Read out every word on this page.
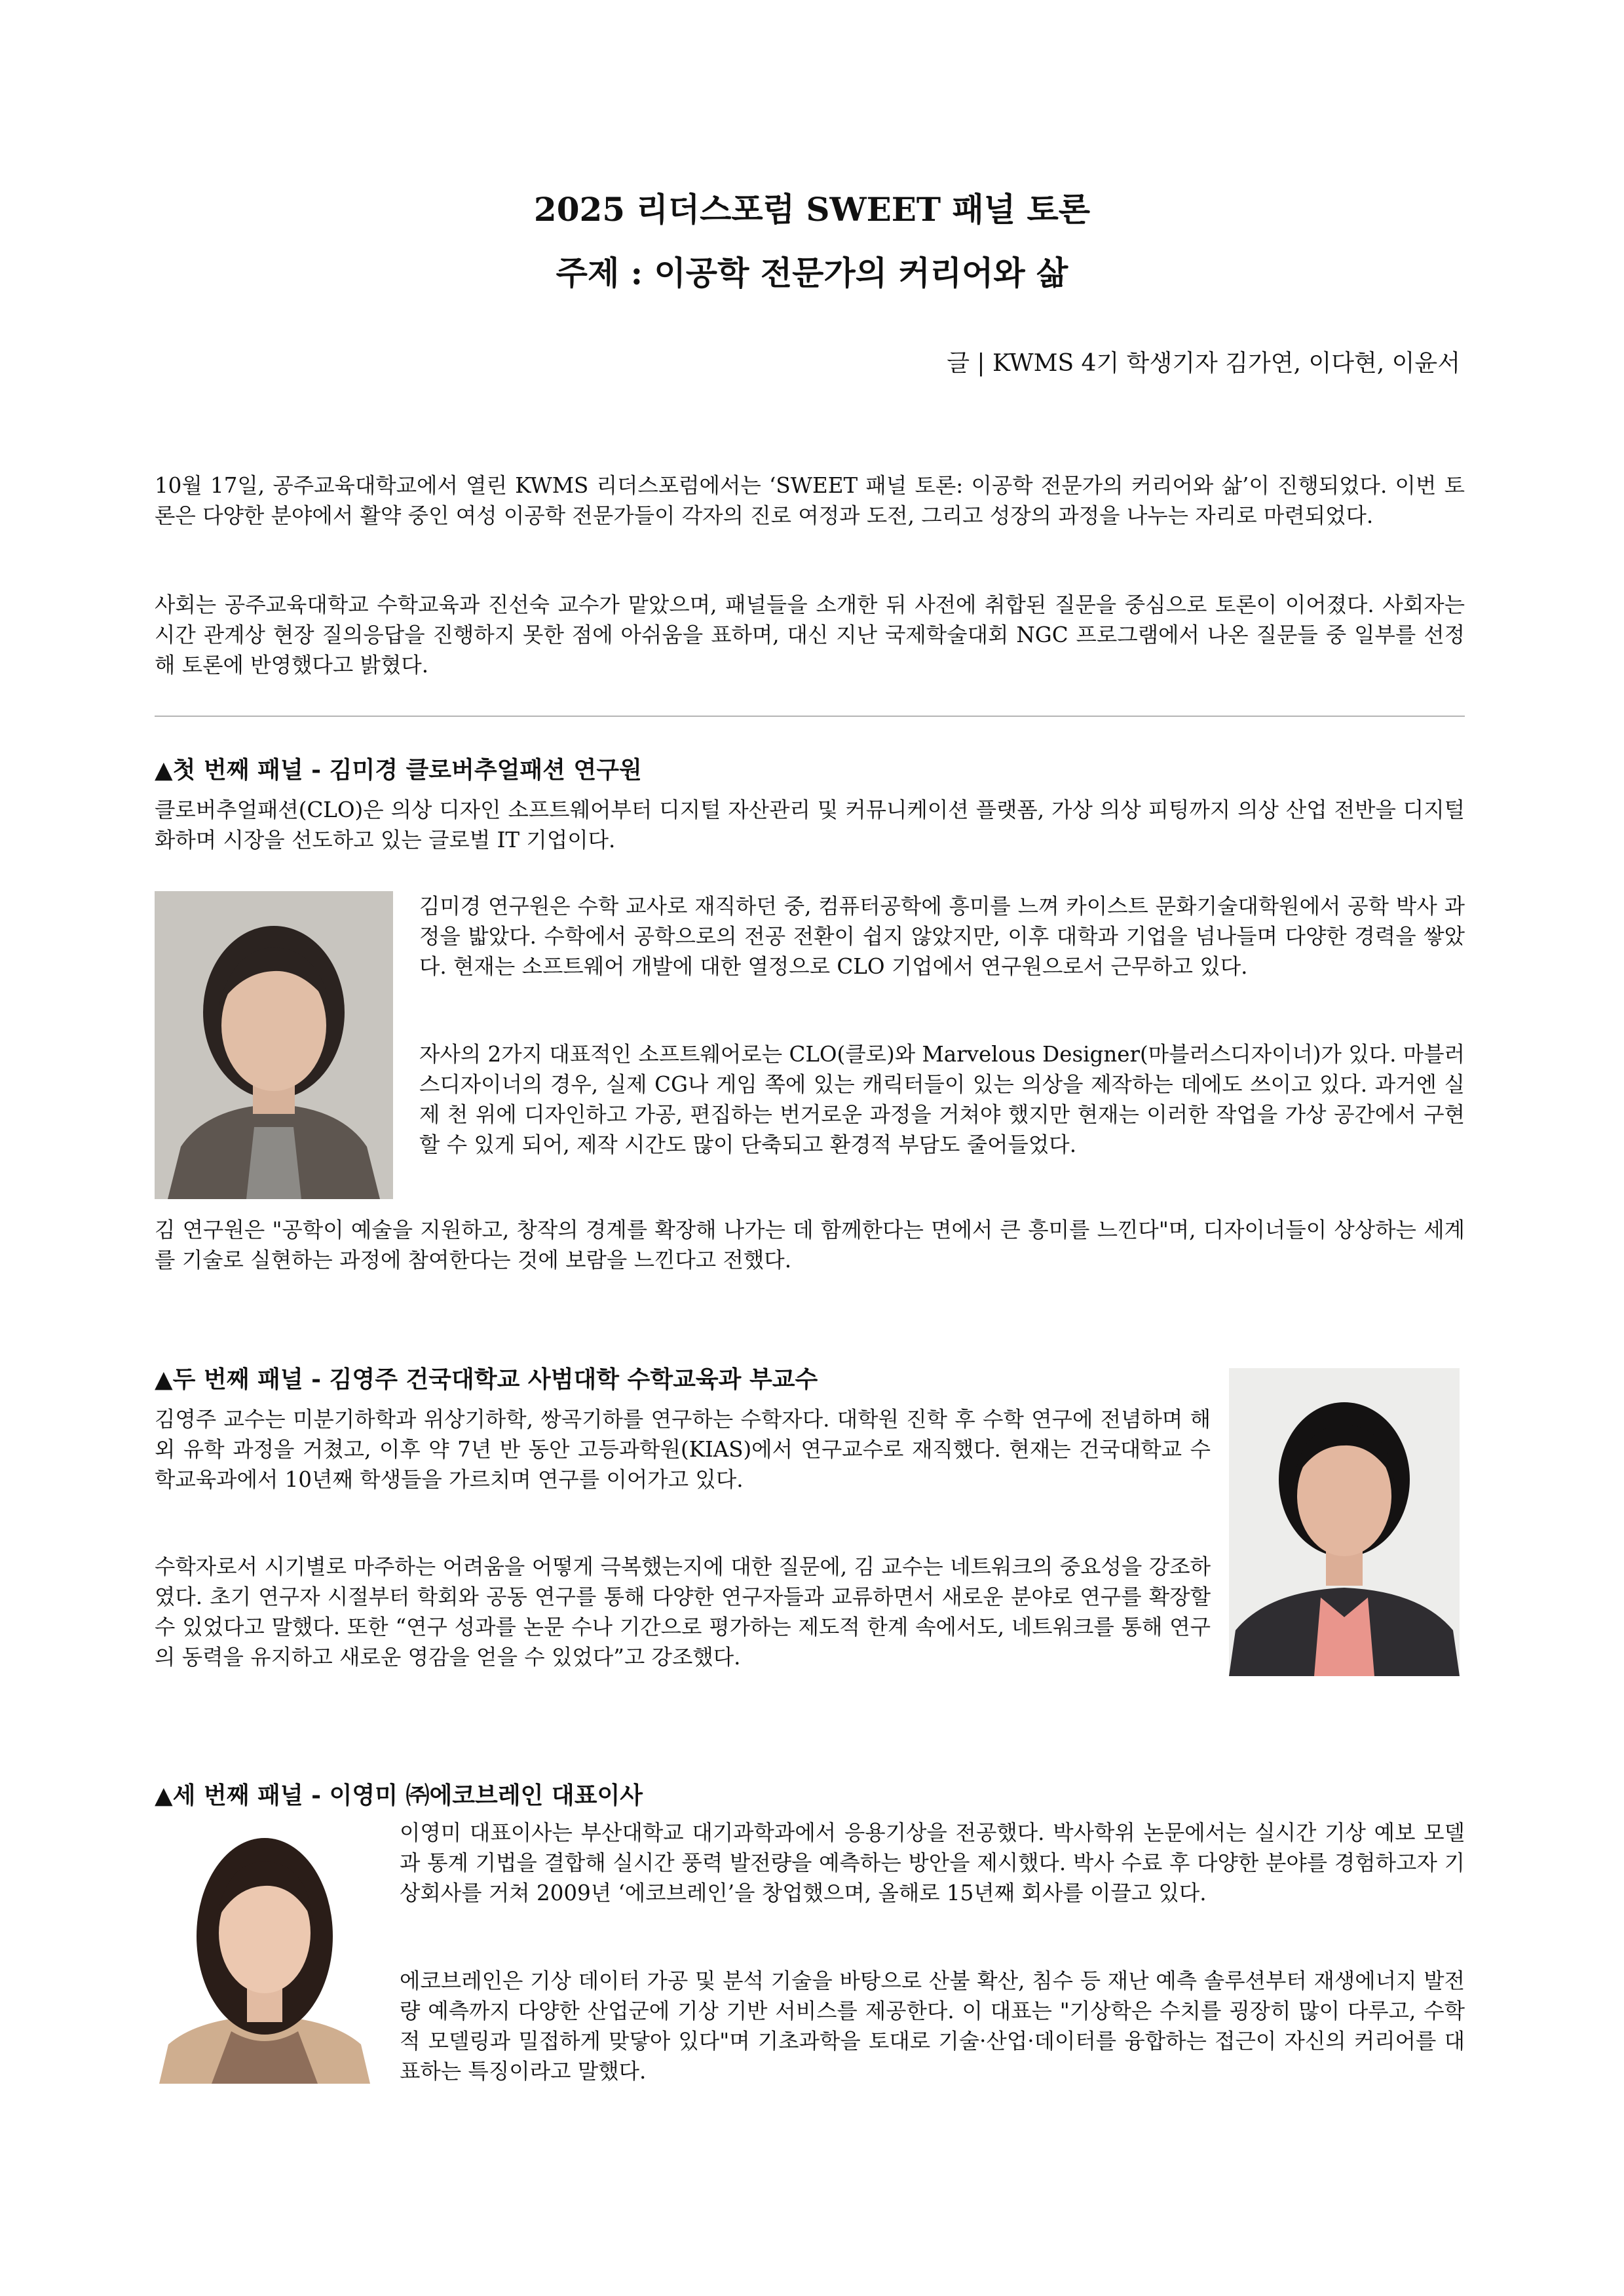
2025 리더스포럼 SWEET 패널 토론
주제 : 이공학 전문가의 커리어와 삶
글 | KWMS 4기 학생기자 김가연, 이다현, 이윤서

10월 17일, 공주교육대학교에서 열린 KWMS 리더스포럼에서는 ‘SWEET 패널 토론: 이공학 전문가의 커리어와 삶’이 진행되었다. 이번 토론은 다양한 분야에서 활약 중인 여성 이공학 전문가들이 각자의 진로 여정과 도전, 그리고 성장의 과정을 나누는 자리로 마련되었다.

사회는 공주교육대학교 수학교육과 진선숙 교수가 맡았으며, 패널들을 소개한 뒤 사전에 취합된 질문을 중심으로 토론이 이어졌다. 사회자는 시간 관계상 현장 질의응답을 진행하지 못한 점에 아쉬움을 표하며, 대신 지난 국제학술대회 NGC 프로그램에서 나온 질문들 중 일부를 선정해 토론에 반영했다고 밝혔다.

▲첫 번째 패널 - 김미경 클로버추얼패션 연구원

클로버추얼패션(CLO)은 의상 디자인 소프트웨어부터 디지털 자산관리 및 커뮤니케이션 플랫폼, 가상 의상 피팅까지 의상 산업 전반을 디지털화하며 시장을 선도하고 있는 글로벌 IT 기업이다.

김미경 연구원은 수학 교사로 재직하던 중, 컴퓨터공학에 흥미를 느껴 카이스트 문화기술대학원에서 공학 박사 과정을 밟았다. 수학에서 공학으로의 전공 전환이 쉽지 않았지만, 이후 대학과 기업을 넘나들며 다양한 경력을 쌓았다. 현재는 소프트웨어 개발에 대한 열정으로 CLO 기업에서 연구원으로서 근무하고 있다.

자사의 2가지 대표적인 소프트웨어로는 CLO(클로)와 Marvelous Designer(마블러스디자이너)가 있다. 마블러스디자이너의 경우, 실제 CG나 게임 쪽에 있는 캐릭터들이 있는 의상을 제작하는 데에도 쓰이고 있다. 과거엔 실제 천 위에 디자인하고 가공, 편집하는 번거로운 과정을 거쳐야 했지만 현재는 이러한 작업을 가상 공간에서 구현할 수 있게 되어, 제작 시간도 많이 단축되고 환경적 부담도 줄어들었다.

김 연구원은 "공학이 예술을 지원하고, 창작의 경계를 확장해 나가는 데 함께한다는 면에서 큰 흥미를 느낀다"며, 디자이너들이 상상하는 세계를 기술로 실현하는 과정에 참여한다는 것에 보람을 느낀다고 전했다.

▲두 번째 패널 - 김영주 건국대학교 사범대학 수학교육과 부교수

김영주 교수는 미분기하학과 위상기하학, 쌍곡기하를 연구하는 수학자다. 대학원 진학 후 수학 연구에 전념하며 해외 유학 과정을 거쳤고, 이후 약 7년 반 동안 고등과학원(KIAS)에서 연구교수로 재직했다. 현재는 건국대학교 수학교육과에서 10년째 학생들을 가르치며 연구를 이어가고 있다.

수학자로서 시기별로 마주하는 어려움을 어떻게 극복했는지에 대한 질문에, 김 교수는 네트워크의 중요성을 강조하였다. 초기 연구자 시절부터 학회와 공동 연구를 통해 다양한 연구자들과 교류하면서 새로운 분야로 연구를 확장할 수 있었다고 말했다. 또한 “연구 성과를 논문 수나 기간으로 평가하는 제도적 한계 속에서도, 네트워크를 통해 연구의 동력을 유지하고 새로운 영감을 얻을 수 있었다”고 강조했다.

▲세 번째 패널 - 이영미 ㈜에코브레인 대표이사

이영미 대표이사는 부산대학교 대기과학과에서 응용기상을 전공했다. 박사학위 논문에서는 실시간 기상 예보 모델과 통계 기법을 결합해 실시간 풍력 발전량을 예측하는 방안을 제시했다. 박사 수료 후 다양한 분야를 경험하고자 기상회사를 거쳐 2009년 ‘에코브레인’을 창업했으며, 올해로 15년째 회사를 이끌고 있다.

에코브레인은 기상 데이터 가공 및 분석 기술을 바탕으로 산불 확산, 침수 등 재난 예측 솔루션부터 재생에너지 발전량 예측까지 다양한 산업군에 기상 기반 서비스를 제공한다. 이 대표는 "기상학은 수치를 굉장히 많이 다루고, 수학적 모델링과 밀접하게 맞닿아 있다"며 기초과학을 토대로 기술·산업·데이터를 융합하는 접근이 자신의 커리어를 대표하는 특징이라고 말했다.
